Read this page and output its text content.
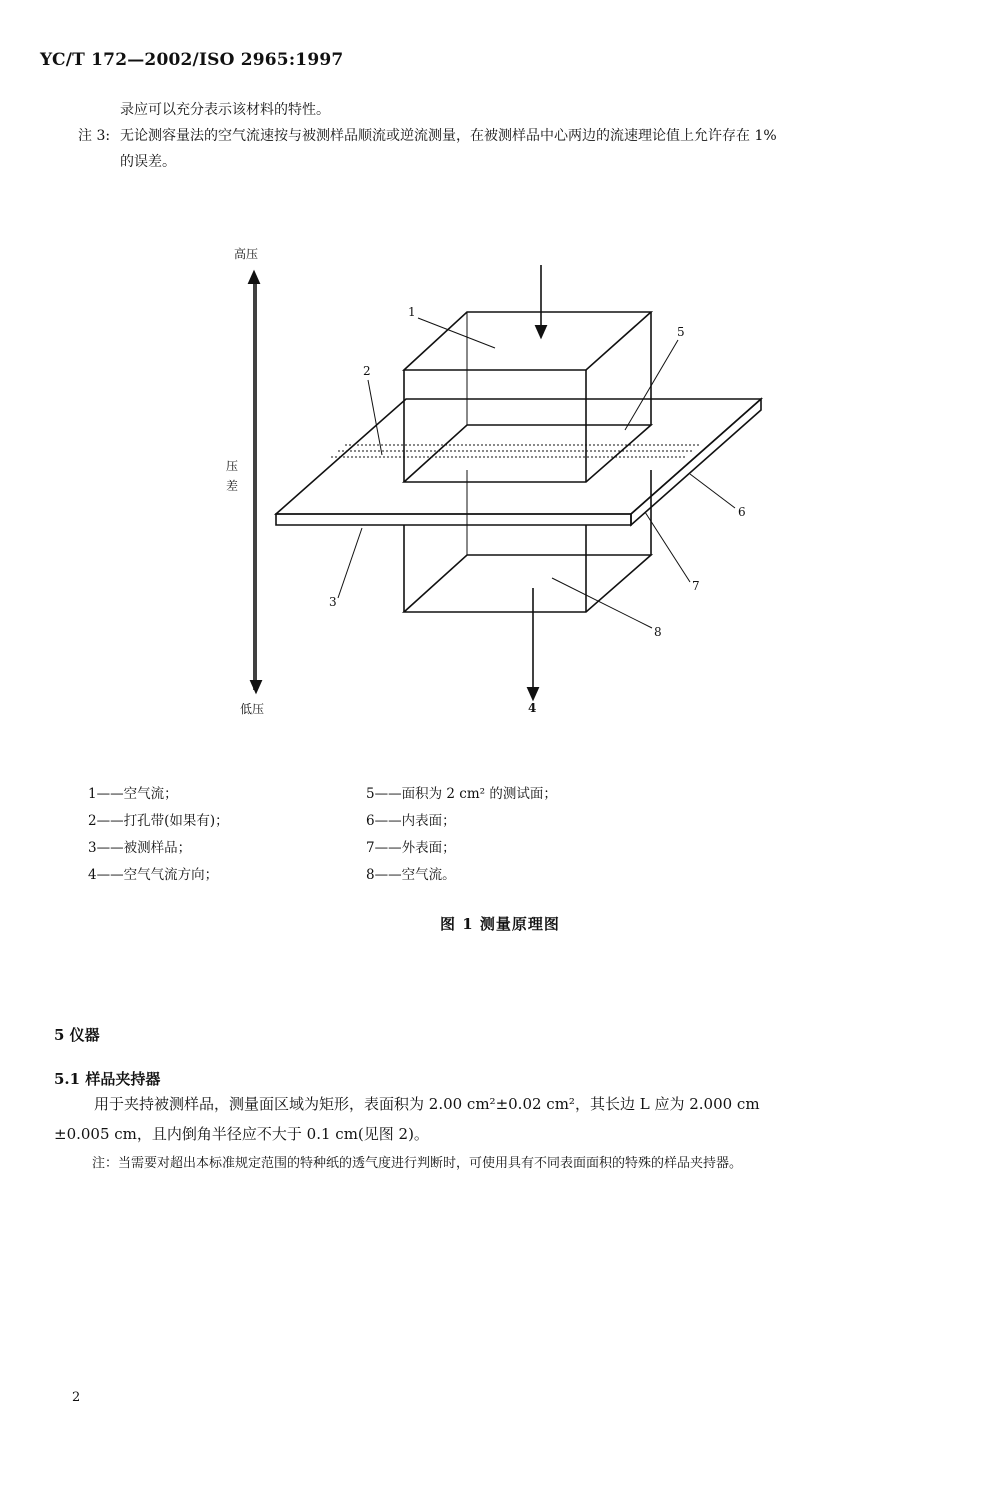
YC/T 172—2002/ISO 2965:1997
录应可以充分表示该材料的特性。
注 3: 无论测容量法的空气流速按与被测样品顺流或逆流测量，在被测样品中心两边的流速理论值上允许存在 1%
的误差。
高压
压
差
低压
1
2
3
4
5
6
7
8
1——空气流；
2——打孔带(如果有)；
3——被测样品；
4——空气气流方向；
5——面积为 2 cm² 的测试面；
6——内表面；
7——外表面；
8——空气流。
图 1 测量原理图
5 仪器
5.1 样品夹持器
用于夹持被测样品，测量面区域为矩形，表面积为 2.00 cm²±0.02 cm²，其长边 L 应为 2.000 cm
±0.005 cm，且内倒角半径应不大于 0.1 cm(见图 2)。
注：当需要对超出本标准规定范围的特种纸的透气度进行判断时，可使用具有不同表面面积的特殊的样品夹持器。
2
